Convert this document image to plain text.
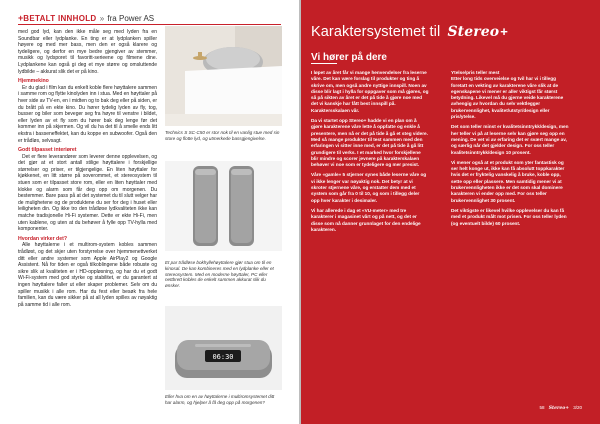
+BETALT INNHOLD » fra Power AS

med god lyd, kan den ikke måle seg med lyden fra en Soundbar eller lydplanke. En ting er at lydplanken spiller høyere og med mer bass, men den er også klarere og tydeligere, og derfor en mye bedre gjengiver av stemmer, musikk og lydsporet til favoritt-serieene og filmene dine. Lydplankene kan også gi deg et mye større og omsluttende lydbilde – akkurat slik det er på kino.

Hjemmekino

Er du glad i film kan du enkelt koble flere høyttalere sammen i samme rom og flytte kinolyden inn i stua. Med en høyttaler på hver side av TV-en, en i midten og to bak deg eller på siden, er du brått på en ekte kino. Du hører tydelig lyden av fly, tog, busser og biler som beveger seg fra høyre til venstre i bildet, eller lyden av et fly som du hører bak deg lenge før det kommer inn på skjermen. Og vil du ha det til å smelle ends litt ekstra i basseneffektet, kan du koppe en subwoofer. Også den er trådløs, selvsagt.

Godt tilpasset interiøret

Det er flere leverandører som leverer denne opplevelsen, og det gjør at et stort antall stilige høyttalere i forskjellige størrelser og priser, er tilgjengelige. En liten høyttaler for kjøkkenet, en litt større på soverommet, et stereosystem til stuen som er tilpasset store rom, eller en liten høyttaler med klokke og alarm som får deg opp om morgenen. Du bestemmer. Bare pass på at det systemet du til slutt velger har de mulighetene og de produktene du ser for deg i huset eller leiligheten din. Og ikke tro den trådløse lydkvaliteten ikke kan matche tradisjonelle Hi-Fi systemer. Dette er ekte Hi-Fi, men uten kablene, og uten at du behøver å fylle opp TV-hylla med komponenter.

Hvordan virker det?

Alle høyttalerne i et multirom-system kobles sammen trådløst, og det skjer uten forstyrrelse over hjemmenettverket ditt eller andre systemer som Apple AirPlay2 og Google Assistent. Nå for tiden er også tilkoblingene både robuste og sikre slik at kvaliteten er i HD-oppløsning, og har du et godt Wi-Fi-system med god styrke og stabilitet, er du garantert at ingen høyttalere faller ut eller skaper problemer. Selv om du spiller musikk i alle rom. Har du fest eller besøk fra hele familien, kan du være sikker på at all lyden spilles av nøyaktig på samme tid i alle rom.

Technics S SC-C50 er stor nok til en vanlig stue med sin store og flotte lyd, og utmerkede bassgjengivelse.
Et par trådløse bokhyllehøyttalere gjør stua om til en kinosal. De kan kombineres med en lydplanke eller et stereosystem. Med en moderne høyttaler, PC eller nettbrett kobles de enkelt sammen akkurat slik du ønsker.
06:30
Eller hva om en av høyttalerne i multiromsystemet ditt har alarm, og hjelper å få deg opp på morgenen?
Karaktersystemet til Stereo+
Vi hører på dere

I løpet av året får vi mange henvendelser fra leserne våre. Det kan være forslag til produkter og ting å skrive om, men også andre nyttige innspill. Noen av disse blir lagt i hylla for oppgaver som må gjøres, og så på sikten av året er det på tide å gjøre noe med det vi kanskje har fått best innspill på. Karaktersskalaen vår.

Da vi startet opp Stereo+ hadde vi en plan om å gjøre karakterene våre lette å oppfatte og enkle å presentere, men nå er det på tide å gå et steg videre. Med så mange produkter til test sammen med den erfaringen vi sitter inne med, er det på tide å gå litt grundigere til verks. I et marked hvor forskjellene blir mindre og scorer jevnere på karakterskalaen behøver vi noe som er tydeligere og mer presist.

Våre «gamle» 5 stjerner synes både leserne våre og vi ikke lenger var nøyaktig nok. Det betyr at vi skroter stjernene våre, og erstatter dem med et system som går fra 0 til 10, og som i tillegg deler opp hver karakter i desimaler.

Vi har allerede i dag et «VU-meter» med tre karakterer i magasinet vårt og på nett, og det er disse som nå danner grunnlaget for den endelige karakteren.

Ytelse/pris teller mest

Etter long tids overveielse og tvil har vi i tillegg foretatt en vekting av karakterene våre slik at de egenskapene vi mener er aller viktigst får størst betydning. Likevel må du gjerne veide karakterene avhengig av hvordan du selv vektlegger brukervennlighet, kvalitet/utstyr/design eller pris/ytelse.

Det som teller minst er kvalitetsinntrykk/design, men her teller vi på at leserne selv kan gjøre seg opp en mening. De vet vi av erfaring det er svært mange av, og særlig når det gjelder design. For oss teller kvalitetsinntrykk/design 10 prosent.

Vi mener også at et produkt som yter fantastisk og ser helt konge ut, ikke kan få absolutt toppkarakter hvis det er fryktelig vanskelig å bruke, koble opp, sette opp eller plassere. Men samtidig mener vi at brukervennligheten ikke er det som skal dominere karakteren vi ender opp med. For oss teller brukervennlighet 30 prosent.

Det viktigste er likevel hvilke opplevelser du kan få med et produkt målt mot prisen. For oss teller lyden (og eventuelt bilde) 60 prosent.

58 Stereo+ 3/20
